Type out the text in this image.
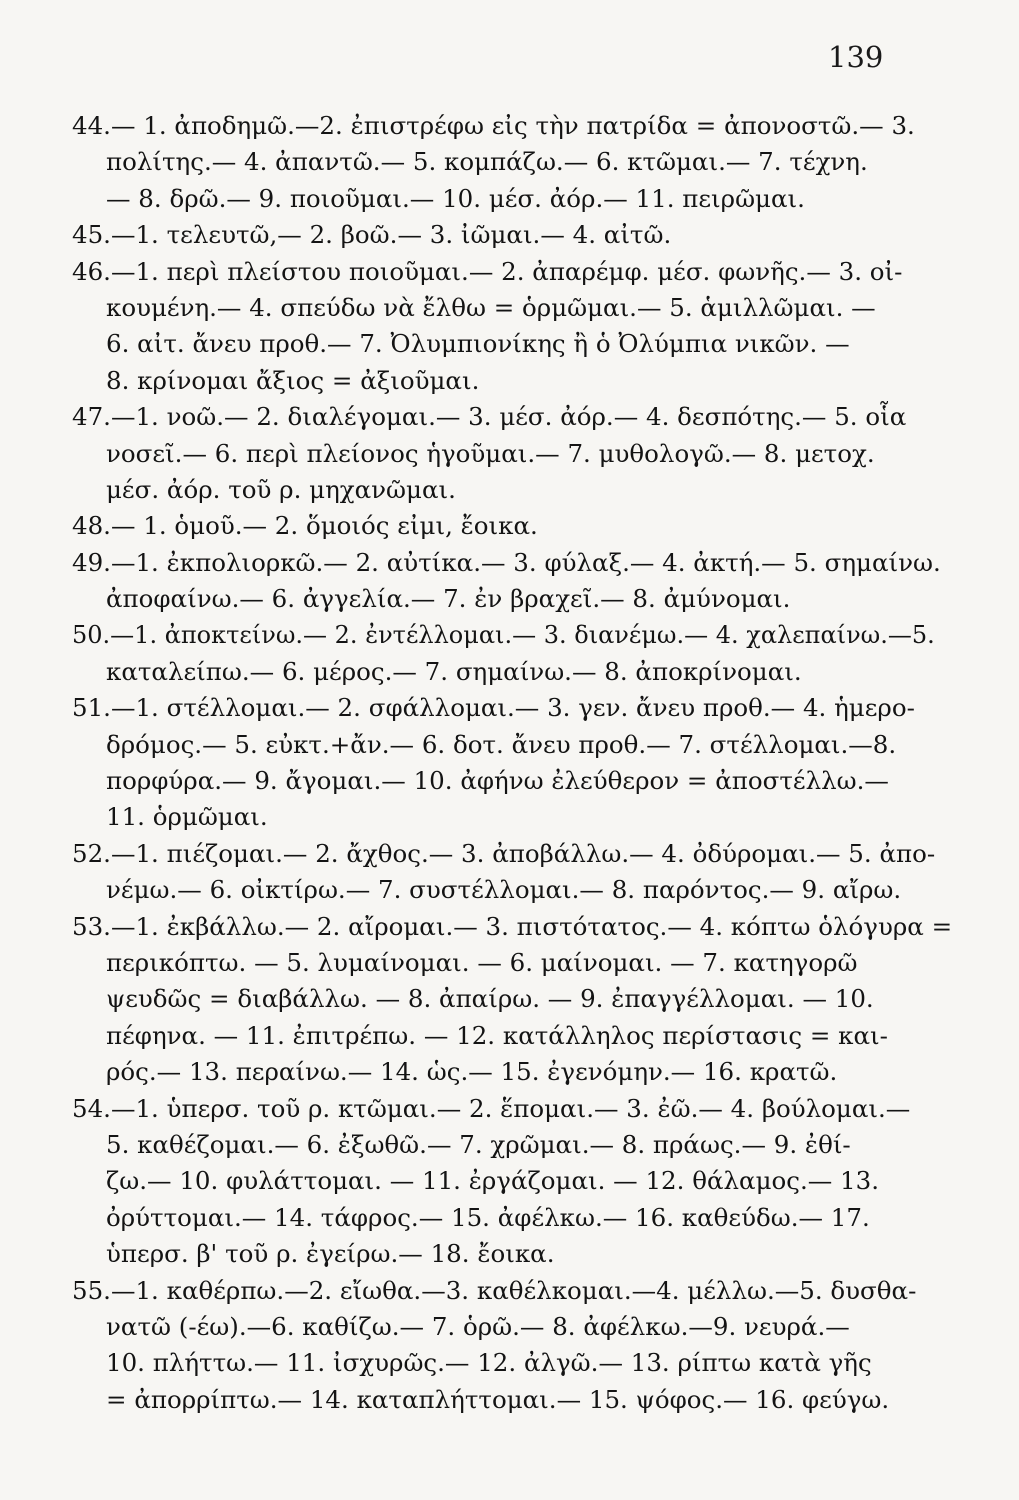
139
44.— 1. ἀποδημῶ.—2. ἐπιστρέφω εἰς τὴν πατρίδα = ἀπονοστῶ.— 3.
πολίτης.— 4. ἀπαντῶ.— 5. κομπάζω.— 6. κτῶμαι.— 7. τέχνη.
— 8. δρῶ.— 9. ποιοῦμαι.— 10. μέσ. ἀόρ.— 11. πειρῶμαι.
45.—1. τελευτῶ,— 2. βοῶ.— 3. ἰῶμαι.— 4. αἰτῶ.
46.—1. περὶ πλείστου ποιοῦμαι.— 2. ἀπαρέμφ. μέσ. φωνῆς.— 3. οἰ-
κουμένη.— 4. σπεύδω νὰ ἔλθω = ὁρμῶμαι.— 5. ἁμιλλῶμαι. —
6. αἰτ. ἄνευ προθ.— 7. Ὀλυμπιονίκης ἢ ὁ Ὀλύμπια νικῶν. —
8. κρίνομαι ἄξιος = ἀξιοῦμαι.
47.—1. νοῶ.— 2. διαλέγομαι.— 3. μέσ. ἀόρ.— 4. δεσπότης.— 5. οἷα
νοσεῖ.— 6. περὶ πλείονος ἡγοῦμαι.— 7. μυθολογῶ.— 8. μετοχ.
μέσ. ἀόρ. τοῦ ρ. μηχανῶμαι.
48.— 1. ὁμοῦ.— 2. ὅμοιός εἰμι, ἔοικα.
49.—1. ἐκπολιορκῶ.— 2. αὐτίκα.— 3. φύλαξ.— 4. ἀκτή.— 5. σημαίνω.
ἀποφαίνω.— 6. ἀγγελία.— 7. ἐν βραχεῖ.— 8. ἀμύνομαι.
50.—1. ἀποκτείνω.— 2. ἐντέλλομαι.— 3. διανέμω.— 4. χαλεπαίνω.—5.
καταλείπω.— 6. μέρος.— 7. σημαίνω.— 8. ἀποκρίνομαι.
51.—1. στέλλομαι.— 2. σφάλλομαι.— 3. γεν. ἄνευ προθ.— 4. ἡμερο-
δρόμος.— 5. εὐκτ.+ἄν.— 6. δοτ. ἄνευ προθ.— 7. στέλλομαι.—8.
πορφύρα.— 9. ἄγομαι.— 10. ἀφήνω ἐλεύθερον = ἀποστέλλω.—
11. ὁρμῶμαι.
52.—1. πιέζομαι.— 2. ἄχθος.— 3. ἀποβάλλω.— 4. ὀδύρομαι.— 5. ἀπο-
νέμω.— 6. οἰκτίρω.— 7. συστέλλομαι.— 8. παρόντος.— 9. αἴρω.
53.—1. ἐκβάλλω.— 2. αἴρομαι.— 3. πιστότατος.— 4. κόπτω ὁλόγυρα =
περικόπτω. — 5. λυμαίνομαι. — 6. μαίνομαι. — 7. κατηγορῶ
ψευδῶς = διαβάλλω. — 8. ἀπαίρω. — 9. ἐπαγγέλλομαι. — 10.
πέφηνα. — 11. ἐπιτρέπω. — 12. κατάλληλος περίστασις = και-
ρός.— 13. περαίνω.— 14. ὡς.— 15. ἐγενόμην.— 16. κρατῶ.
54.—1. ὑπερσ. τοῦ ρ. κτῶμαι.— 2. ἕπομαι.— 3. ἐῶ.— 4. βούλομαι.—
5. καθέζομαι.— 6. ἐξωθῶ.— 7. χρῶμαι.— 8. πράως.— 9. ἐθί-
ζω.— 10. φυλάττομαι. — 11. ἐργάζομαι. — 12. θάλαμος.— 13.
ὀρύττομαι.— 14. τάφρος.— 15. ἀφέλκω.— 16. καθεύδω.— 17.
ὑπερσ. β' τοῦ ρ. ἐγείρω.— 18. ἔοικα.
55.—1. καθέρπω.—2. εἴωθα.—3. καθέλκομαι.—4. μέλλω.—5. δυσθα-
νατῶ (-έω).—6. καθίζω.— 7. ὁρῶ.— 8. ἀφέλκω.—9. νευρά.—
10. πλήττω.— 11. ἰσχυρῶς.— 12. ἀλγῶ.— 13. ρίπτω κατὰ γῆς
= ἀπορρίπτω.— 14. καταπλήττομαι.— 15. ψόφος.— 16. φεύγω.
